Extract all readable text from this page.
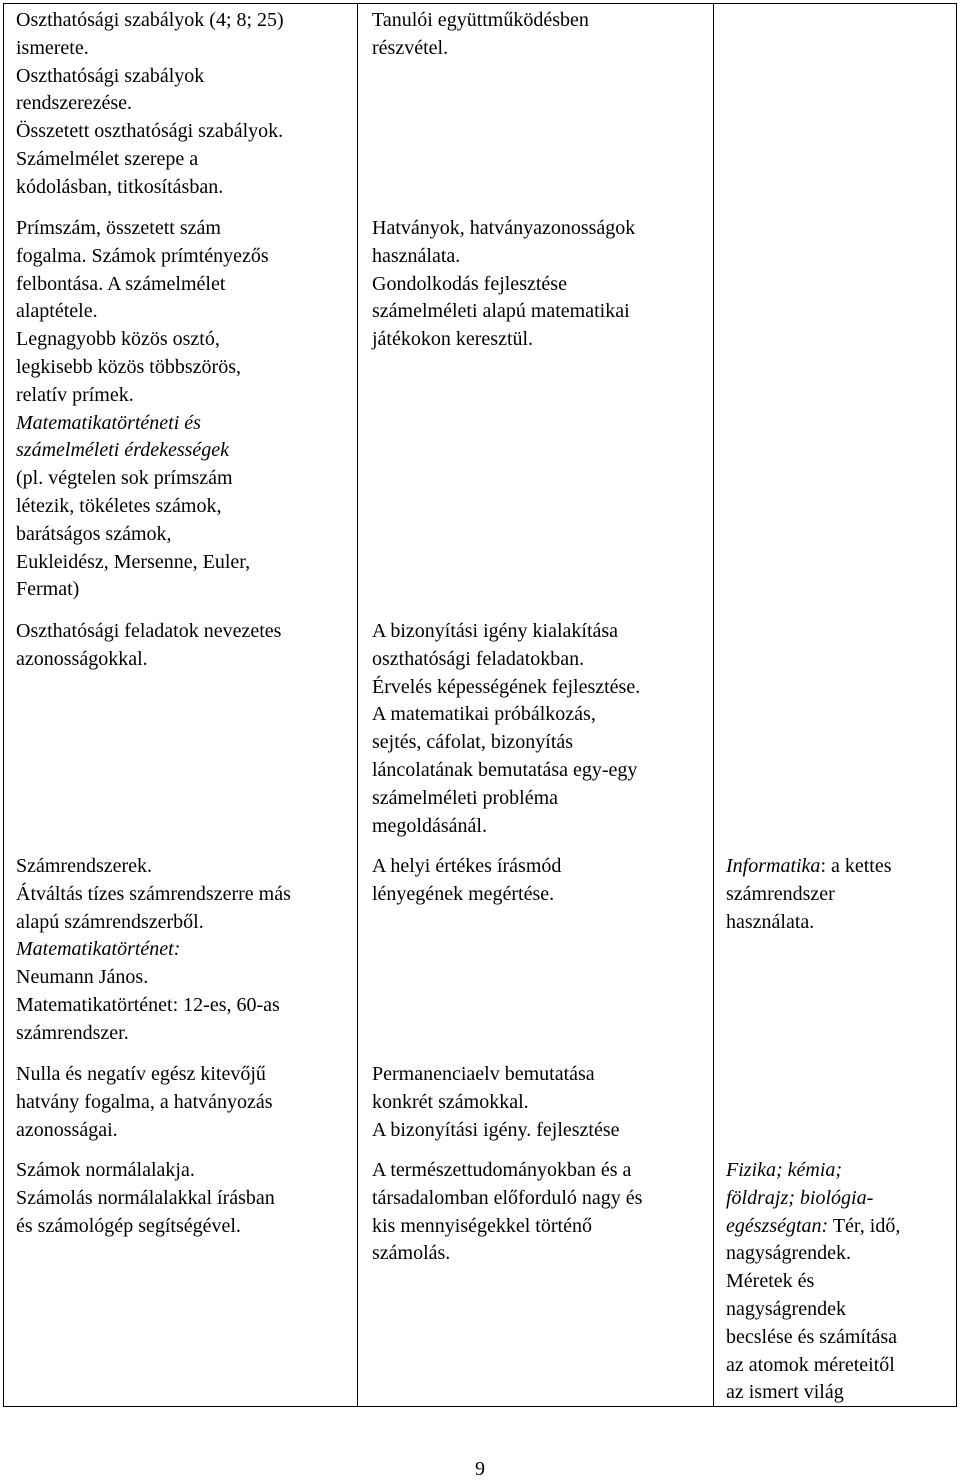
Oszthatósági szabályok (4; 8; 25)
ismerete.
Oszthatósági szabályok
rendszerezése.
Összetett oszthatósági szabályok.
Számelmélet szerepe a
kódolásban, titkosításban.
Tanulói együttműködésben
részvétel.
Prímszám, összetett szám
fogalma. Számok prímtényezős
felbontása. A számelmélet
alaptétele.
Legnagyobb közös osztó,
legkisebb közös többszörös,
relatív prímek.
Matematikatörténeti és
számelméleti érdekességek
(pl. végtelen sok prímszám
létezik, tökéletes számok,
barátságos számok,
Eukleidész, Mersenne, Euler,
Fermat)
Hatványok, hatványazonosságok
használata.
Gondolkodás fejlesztése
számelméleti alapú matematikai
játékokon keresztül.
Oszthatósági feladatok nevezetes
azonosságokkal.
A bizonyítási igény kialakítása
oszthatósági feladatokban.
Érvelés képességének fejlesztése.
A matematikai próbálkozás,
sejtés, cáfolat, bizonyítás
láncolatának bemutatása egy-egy
számelméleti probléma
megoldásánál.
Számrendszerek.
Átváltás tízes számrendszerre más
alapú számrendszerből.
Matematikatörténet:
Neumann János.
Matematikatörténet: 12-es, 60-as
számrendszer.
A helyi értékes írásmód
lényegének megértése.
Informatika: a kettes
számrendszer
használata.
Nulla és negatív egész kitevőjű
hatvány fogalma, a hatványozás
azonosságai.
Permanenciaelv bemutatása
konkrét számokkal.
A bizonyítási igény. fejlesztése
Számok normálalakja.
Számolás normálalakkal írásban
és számológép segítségével.
A természettudományokban és a
társadalomban előforduló nagy és
kis mennyiségekkel történő
számolás.
Fizika; kémia;
földrajz; biológia-
egészségtan: Tér, idő,
nagyságrendek.
Méretek és
nagyságrendek
becslése és számítása
az atomok méreteitől
az ismert világ
9
